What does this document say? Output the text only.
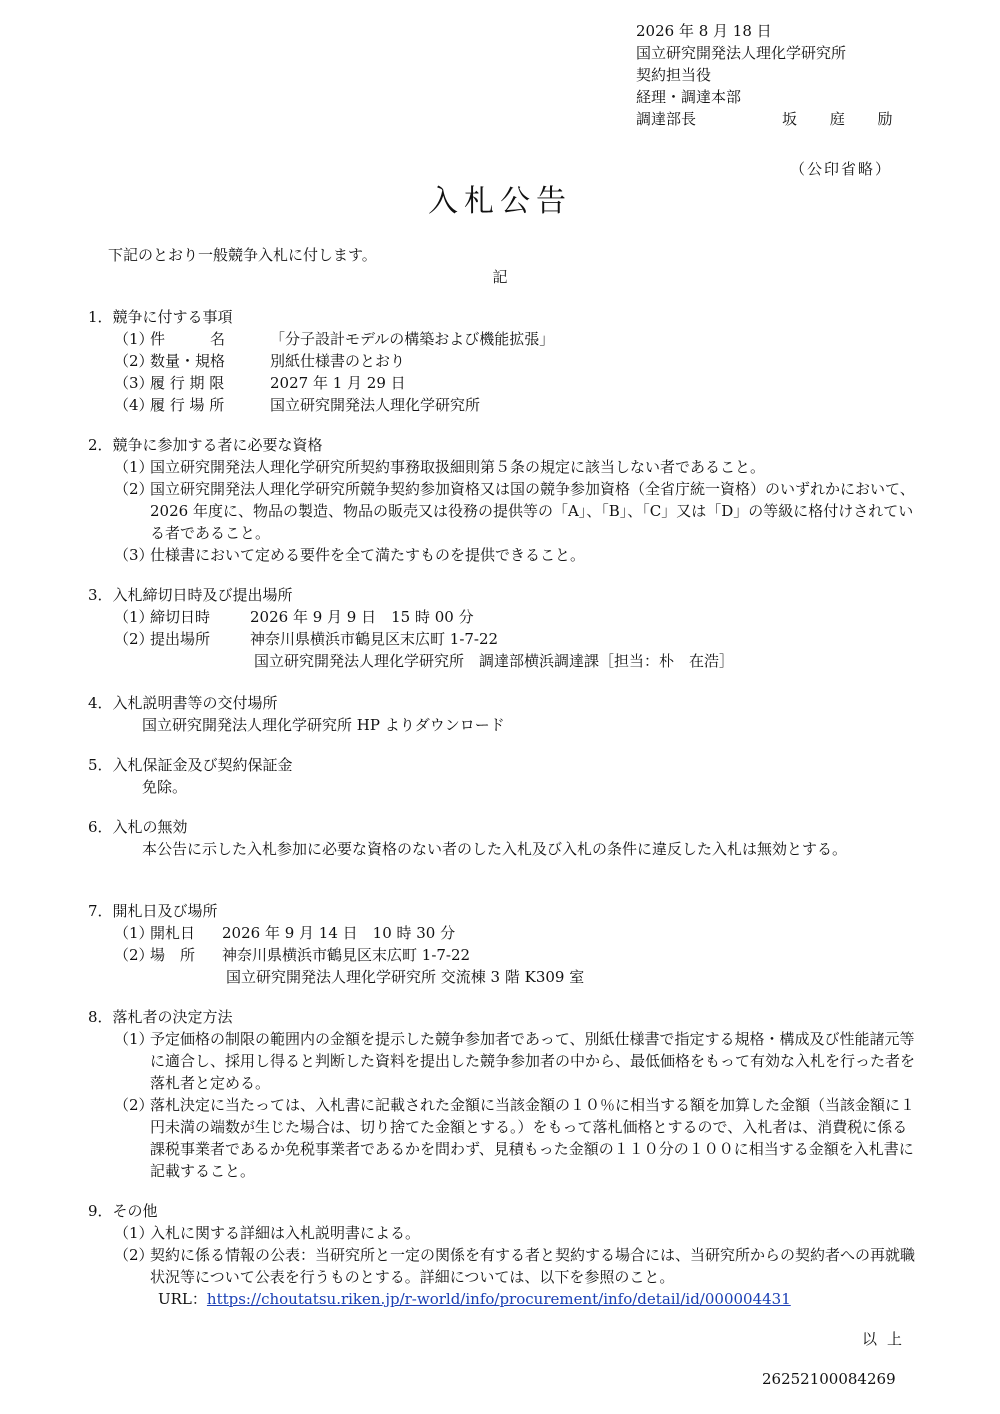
2026 年 8 月 18 日
国立研究開発法人理化学研究所
契約担当役
経理・調達本部
調達部長	坂 庭 励
（公印省略）
入札公告
下記のとおり一般競争入札に付します。
記
1．競争に付する事項
（1）
件　　　名	「分子設計モデルの構築および機能拡張」
（2）
数量・規格	別紙仕様書のとおり
（3）
履 行 期 限	2027 年 1 月 29 日
（4）
履 行 場 所	国立研究開発法人理化学研究所
2．競争に参加する者に必要な資格
（1）
国立研究開発法人理化学研究所契約事務取扱細則第５条の規定に該当しない者であること。
（2）
国立研究開発法人理化学研究所競争契約参加資格又は国の競争参加資格（全省庁統一資格）のいずれかにおいて、2026 年度に、物品の製造、物品の販売又は役務の提供等の「A」、「B」、「C」又は「D」の等級に格付けされている者であること。
（3）
仕様書において定める要件を全て満たすものを提供できること。
3．入札締切日時及び提出場所
（1）
締切日時	2026 年 9 月 9 日　15 時 00 分
（2）
提出場所	神奈川県横浜市鶴見区末広町 1-7-22
国立研究開発法人理化学研究所　調達部横浜調達課［担当：朴　在浩］
4．入札説明書等の交付場所
国立研究開発法人理化学研究所 HP よりダウンロード
5．入札保証金及び契約保証金
免除。
6．入札の無効
本公告に示した入札参加に必要な資格のない者のした入札及び入札の条件に違反した入札は無効とする。
7．開札日及び場所
（1）
開札日	2026 年 9 月 14 日　10 時 30 分
（2）
場　所	神奈川県横浜市鶴見区末広町 1-7-22
国立研究開発法人理化学研究所 交流棟 3 階 K309 室
8．落札者の決定方法
（1）
予定価格の制限の範囲内の金額を提示した競争参加者であって、別紙仕様書で指定する規格・構成及び性能諸元等に適合し、採用し得ると判断した資料を提出した競争参加者の中から、最低価格をもって有効な入札を行った者を落札者と定める。
（2）
落札決定に当たっては、入札書に記載された金額に当該金額の１０％に相当する額を加算した金額（当該金額に１円未満の端数が生じた場合は、切り捨てた金額とする。）をもって落札価格とするので、入札者は、消費税に係る課税事業者であるか免税事業者であるかを問わず、見積もった金額の１１０分の１００に相当する金額を入札書に記載すること。
9．その他
（1）
入札に関する詳細は入札説明書による。
（2）
契約に係る情報の公表：当研究所と一定の関係を有する者と契約する場合には、当研究所からの契約者への再就職状況等について公表を行うものとする。詳細については、以下を参照のこと。
URL：https://choutatsu.riken.jp/r-world/info/procurement/info/detail/id/000004431
以上
26252100084269
